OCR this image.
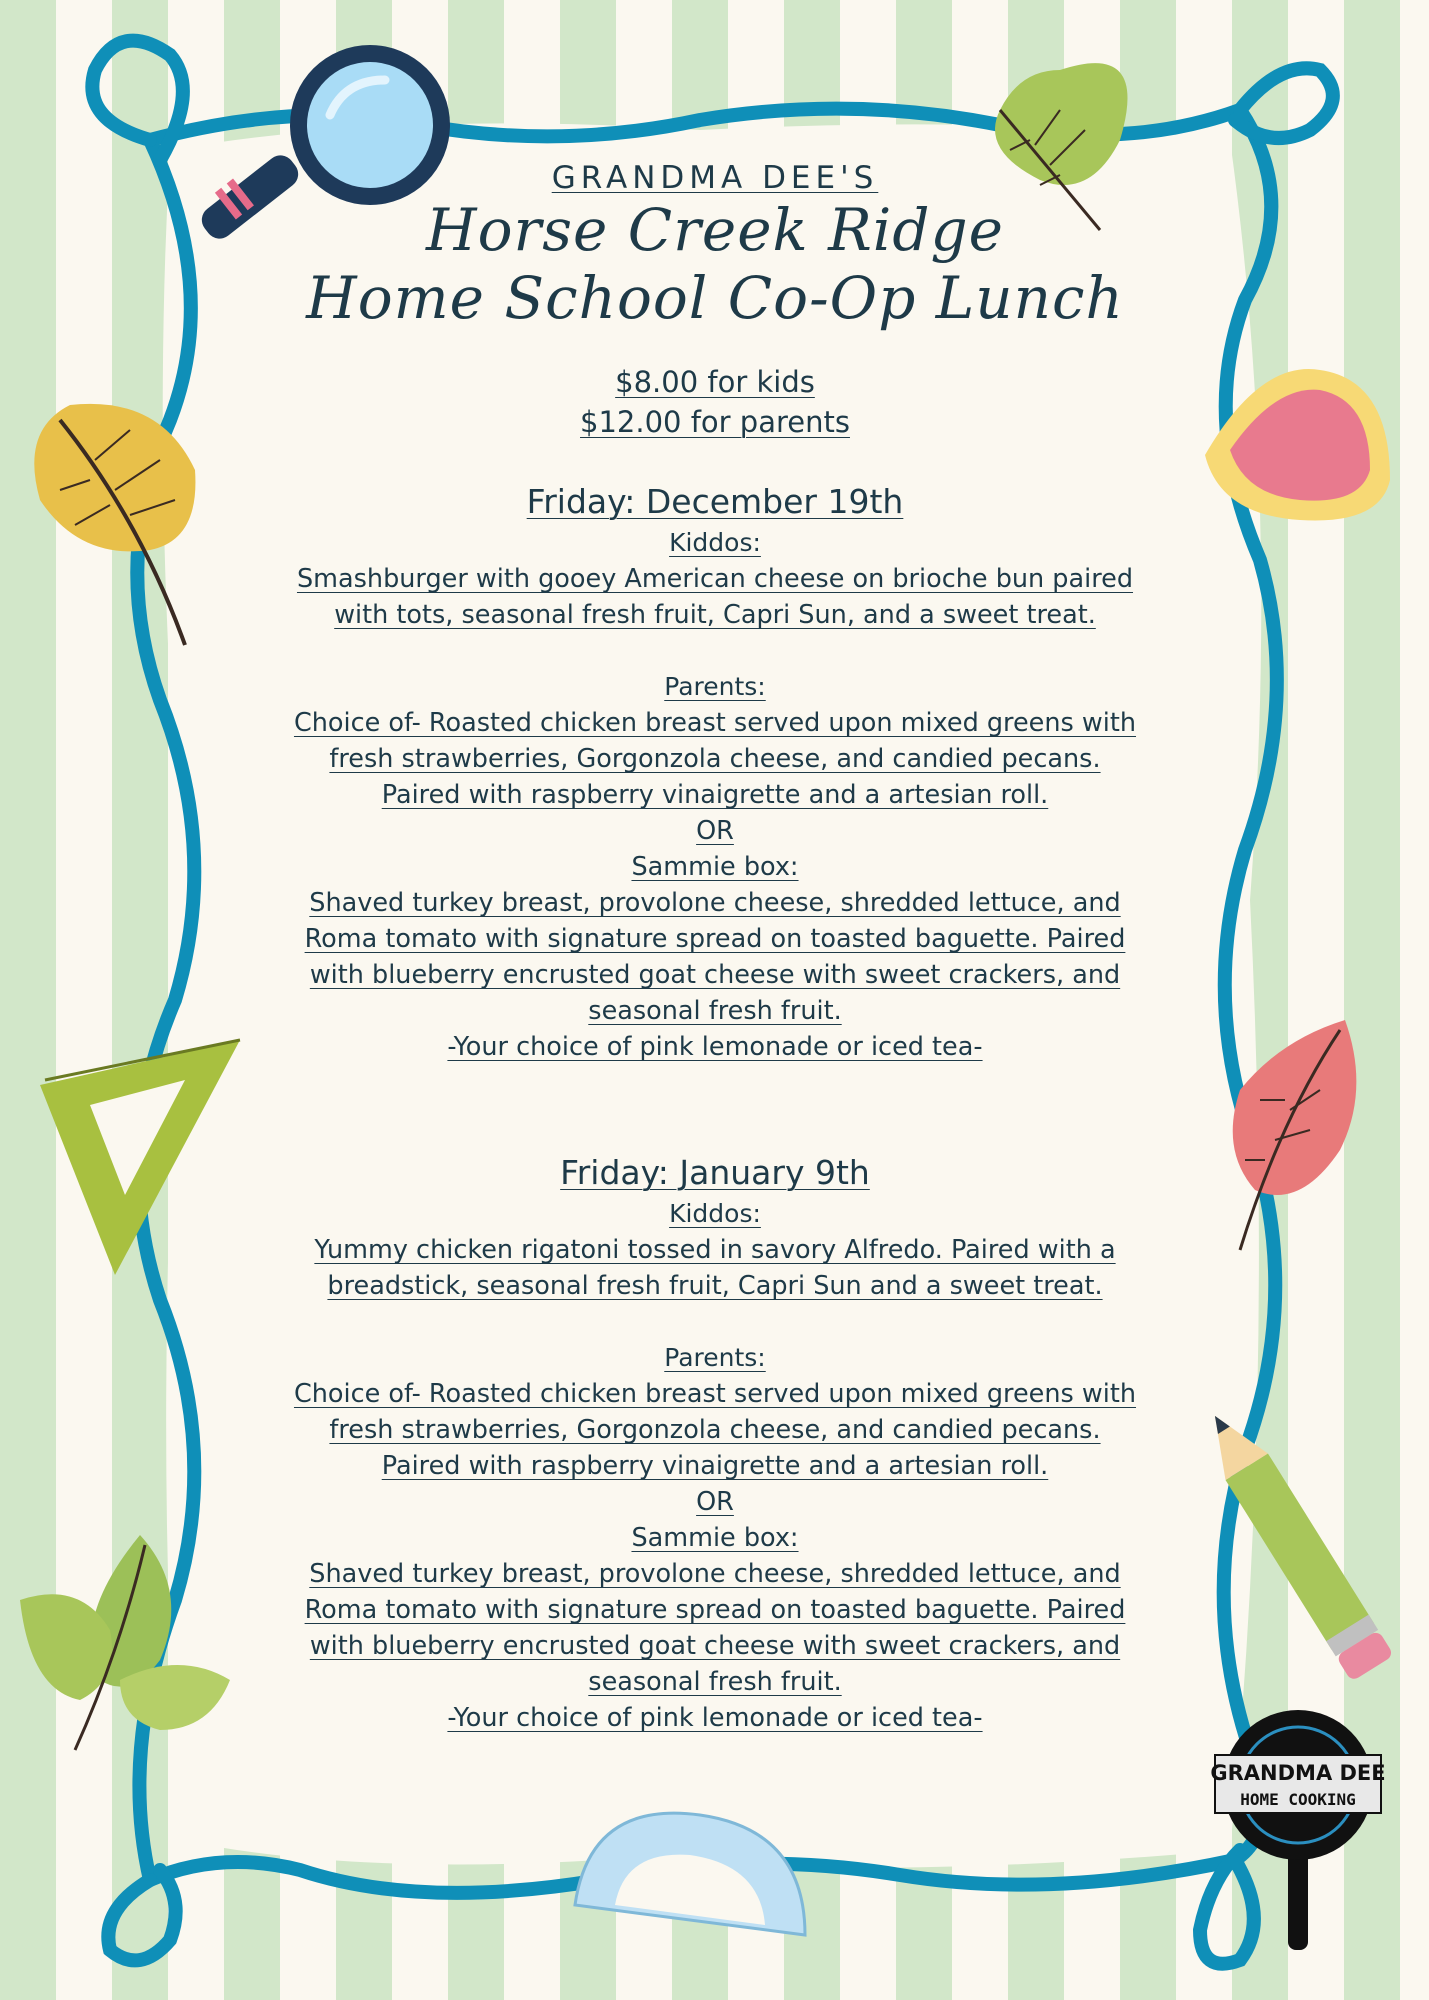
GRANDMA DEE
HOME COOKING
GRANDMA DEE'S
Horse Creek Ridge
Home School Co-Op Lunch
$8.00 for kids
$12.00 for parents
Friday: December 19th
Kiddos:
Smashburger with gooey American cheese on brioche bun paired
with tots, seasonal fresh fruit, Capri Sun, and a sweet treat.
Parents:
Choice of- Roasted chicken breast served upon mixed greens with
fresh strawberries, Gorgonzola cheese, and candied pecans.
Paired with raspberry vinaigrette and a artesian roll.
OR
Sammie box:
Shaved turkey breast, provolone cheese, shredded lettuce, and
Roma tomato with signature spread on toasted baguette. Paired
with blueberry encrusted goat cheese with sweet crackers, and
seasonal fresh fruit.
-Your choice of pink lemonade or iced tea-
Friday: January 9th
Kiddos:
Yummy chicken rigatoni tossed in savory Alfredo. Paired with a
breadstick, seasonal fresh fruit, Capri Sun and a sweet treat.
Parents:
Choice of- Roasted chicken breast served upon mixed greens with
fresh strawberries, Gorgonzola cheese, and candied pecans.
Paired with raspberry vinaigrette and a artesian roll.
OR
Sammie box:
Shaved turkey breast, provolone cheese, shredded lettuce, and
Roma tomato with signature spread on toasted baguette. Paired
with blueberry encrusted goat cheese with sweet crackers, and
seasonal fresh fruit.
-Your choice of pink lemonade or iced tea-
